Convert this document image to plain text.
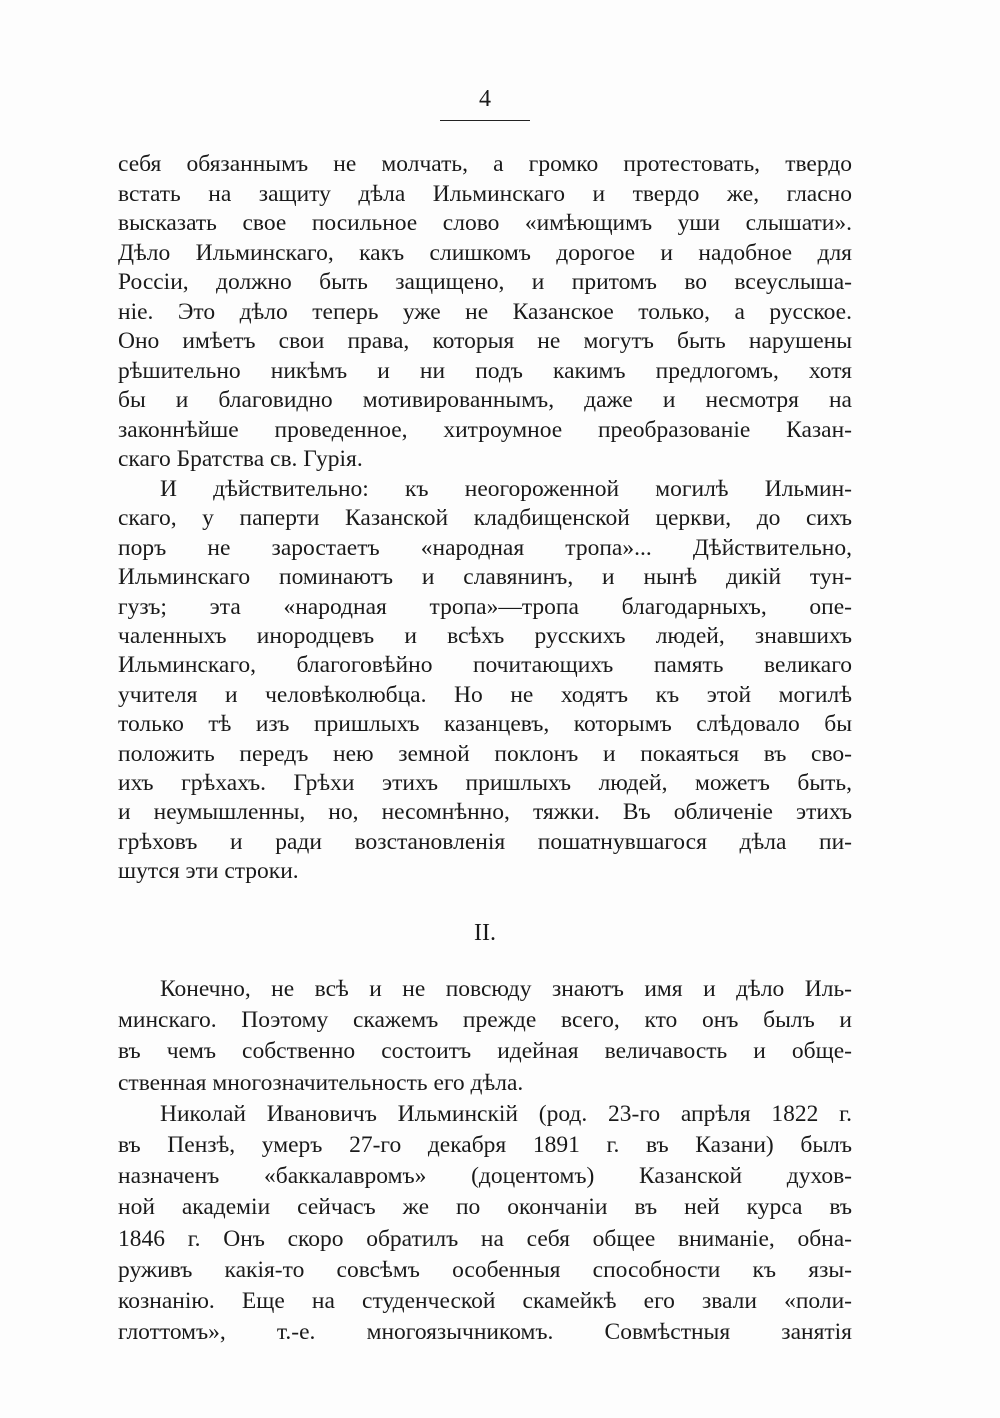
4
себя обязаннымъ не молчать, а громко протестовать, твердо
встать на защиту дѣла Ильминскаго и твердо же, гласно
высказать свое посильное слово «имѣющимъ уши слышати».
Дѣло Ильминскаго, какъ слишкомъ дорогое и надобное для
Россiи, должно быть защищено, и притомъ во всеуслыша-
нiе. Это дѣло теперь уже не Казанское только, а русское.
Оно имѣетъ свои права, которыя не могутъ быть нарушены
рѣшительно никѣмъ и ни подъ какимъ предлогомъ, хотя
бы и благовидно мотивированнымъ, даже и несмотря на
законнѣйше проведенное, хитроумное преобразованiе Казан-
скаго Братства св. Гурiя.
И дѣйствительно: къ неогороженной могилѣ Ильмин-
скаго, у паперти Казанской кладбищенской церкви, до сихъ
поръ не заростаетъ «народная тропа»... Дѣйствительно,
Ильминскаго поминаютъ и славянинъ, и нынѣ дикiй тун-
гузъ; эта «народная тропа»—тропа благодарныхъ, опе-
чаленныхъ инородцевъ и всѣхъ русскихъ людей, знавшихъ
Ильминскаго, благоговѣйно почитающихъ память великаго
учителя и человѣколюбца. Но не ходятъ къ этой могилѣ
только тѣ изъ пришлыхъ казанцевъ, которымъ слѣдовало бы
положить передъ нею земной поклонъ и покаяться въ сво-
ихъ грѣхахъ. Грѣхи этихъ пришлыхъ людей, можетъ быть,
и неумышленны, но, несомнѣнно, тяжки. Въ обличенiе этихъ
грѣховъ и ради возстановленiя пошатнувшагося дѣла пи-
шутся эти строки.
II.
Конечно, не всѣ и не повсюду знаютъ имя и дѣло Иль-
минскаго. Поэтому скажемъ прежде всего, кто онъ былъ и
въ чемъ собственно состоитъ идейная величавость и обще-
ственная многозначительность его дѣла.
Николай Ивановичъ Ильминскiй (род. 23-го апрѣля 1822 г.
въ Пензѣ, умеръ 27-го декабря 1891 г. въ Казани) былъ
назначенъ «баккалавромъ» (доцентомъ) Казанской духов-
ной академiи сейчасъ же по окончанiи въ ней курса въ
1846 г. Онъ скоро обратилъ на себя общее вниманiе, обна-
руживъ какiя-то совсѣмъ особенныя способности къ язы-
кознанiю. Еще на студенческой скамейкѣ его звали «поли-
глоттомъ», т.-е. многоязычникомъ. Совмѣстныя занятiя
